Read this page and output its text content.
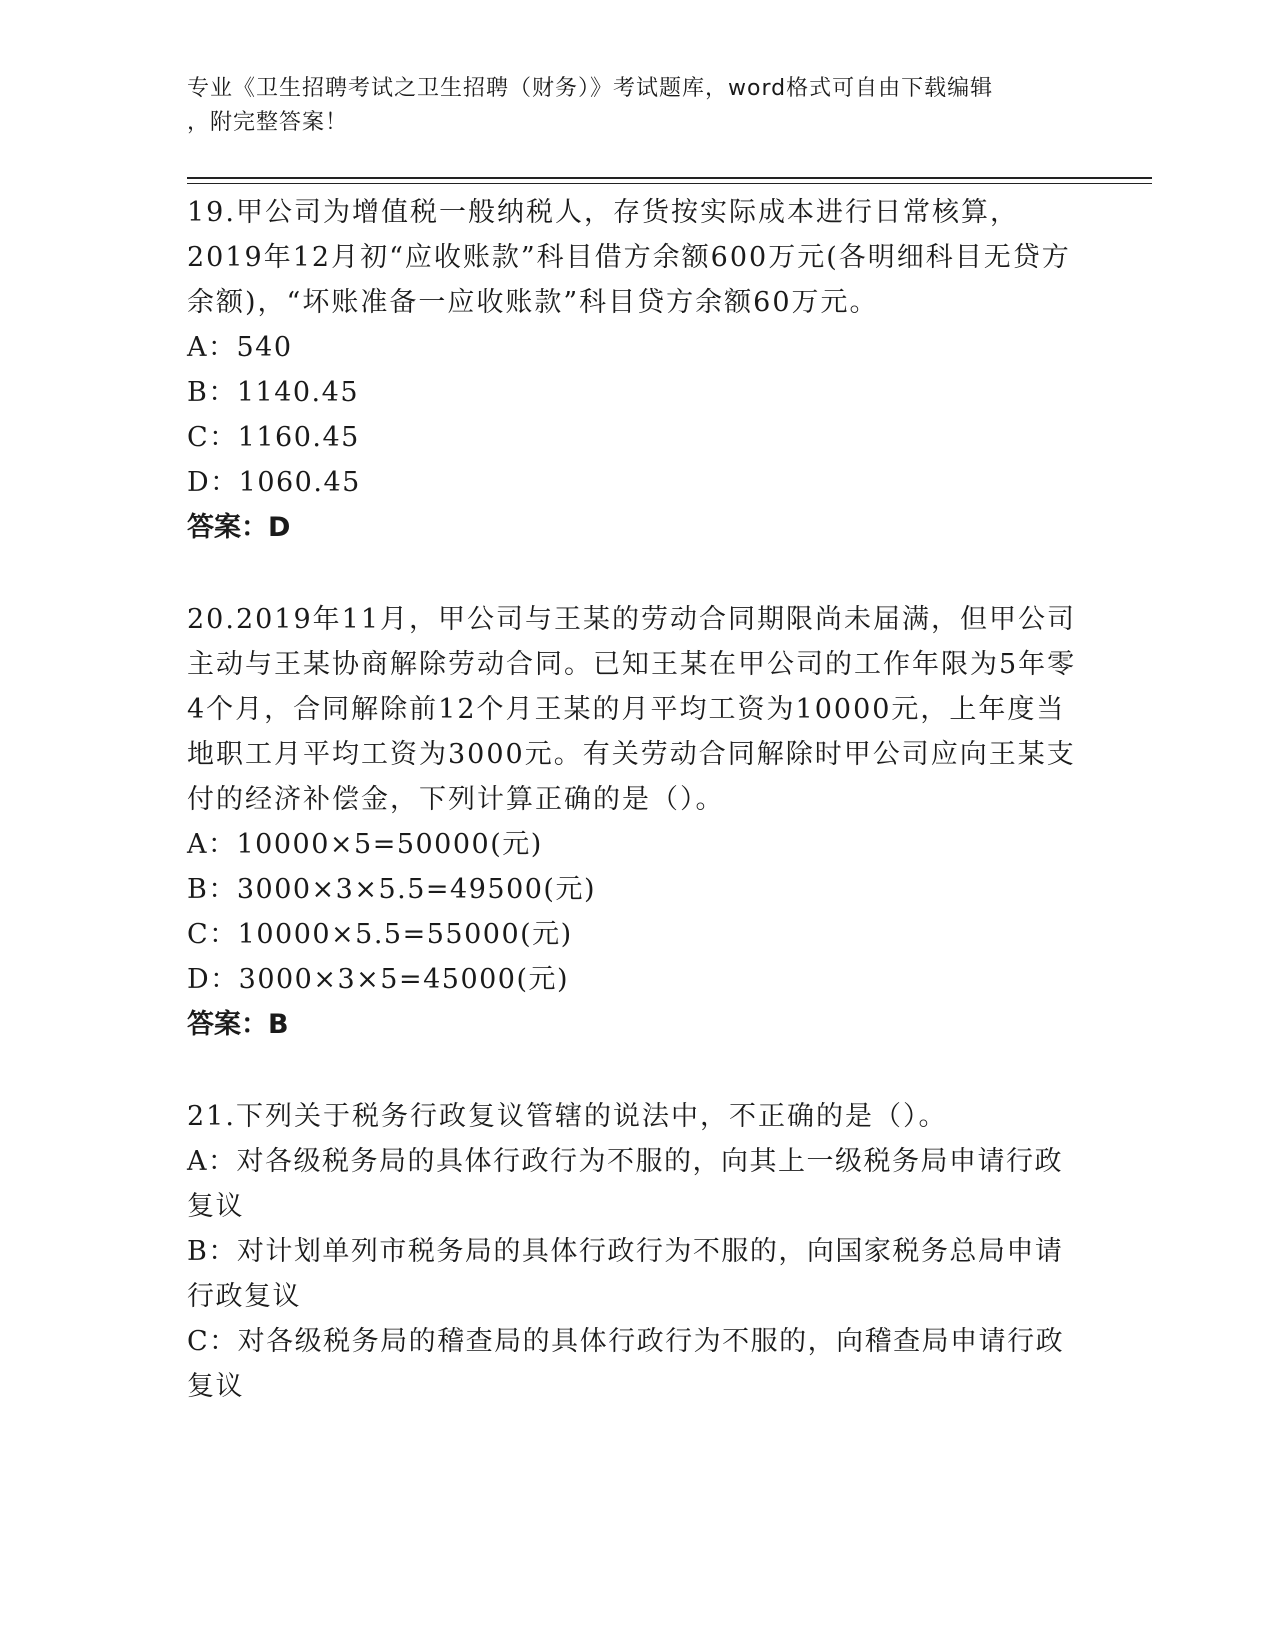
专业《卫生招聘考试之卫生招聘（财务）》考试题库，word格式可自由下载编辑
，附完整答案！
19.甲公司为增值税一般纳税人，存货按实际成本进行日常核算，2019年12月初“应收账款”科目借方余额600万元(各明细科目无贷方余额)，“坏账准备一应收账款”科目贷方余额60万元。
A：540
B：1140.45
C：1160.45
D：1060.45
答案：D
20.2019年11月，甲公司与王某的劳动合同期限尚未届满，但甲公司主动与王某协商解除劳动合同。已知王某在甲公司的工作年限为5年零4个月，合同解除前12个月王某的月平均工资为10000元，上年度当地职工月平均工资为3000元。有关劳动合同解除时甲公司应向王某支付的经济补偿金，下列计算正确的是（）。
A：10000×5=50000(元)
B：3000×3×5.5=49500(元)
C：10000×5.5=55000(元)
D：3000×3×5=45000(元)
答案：B
21.下列关于税务行政复议管辖的说法中，不正确的是（）。
A：对各级税务局的具体行政行为不服的，向其上一级税务局申请行政复议
B：对计划单列市税务局的具体行政行为不服的，向国家税务总局申请行政复议
C：对各级税务局的稽查局的具体行政行为不服的，向稽查局申请行政复议
